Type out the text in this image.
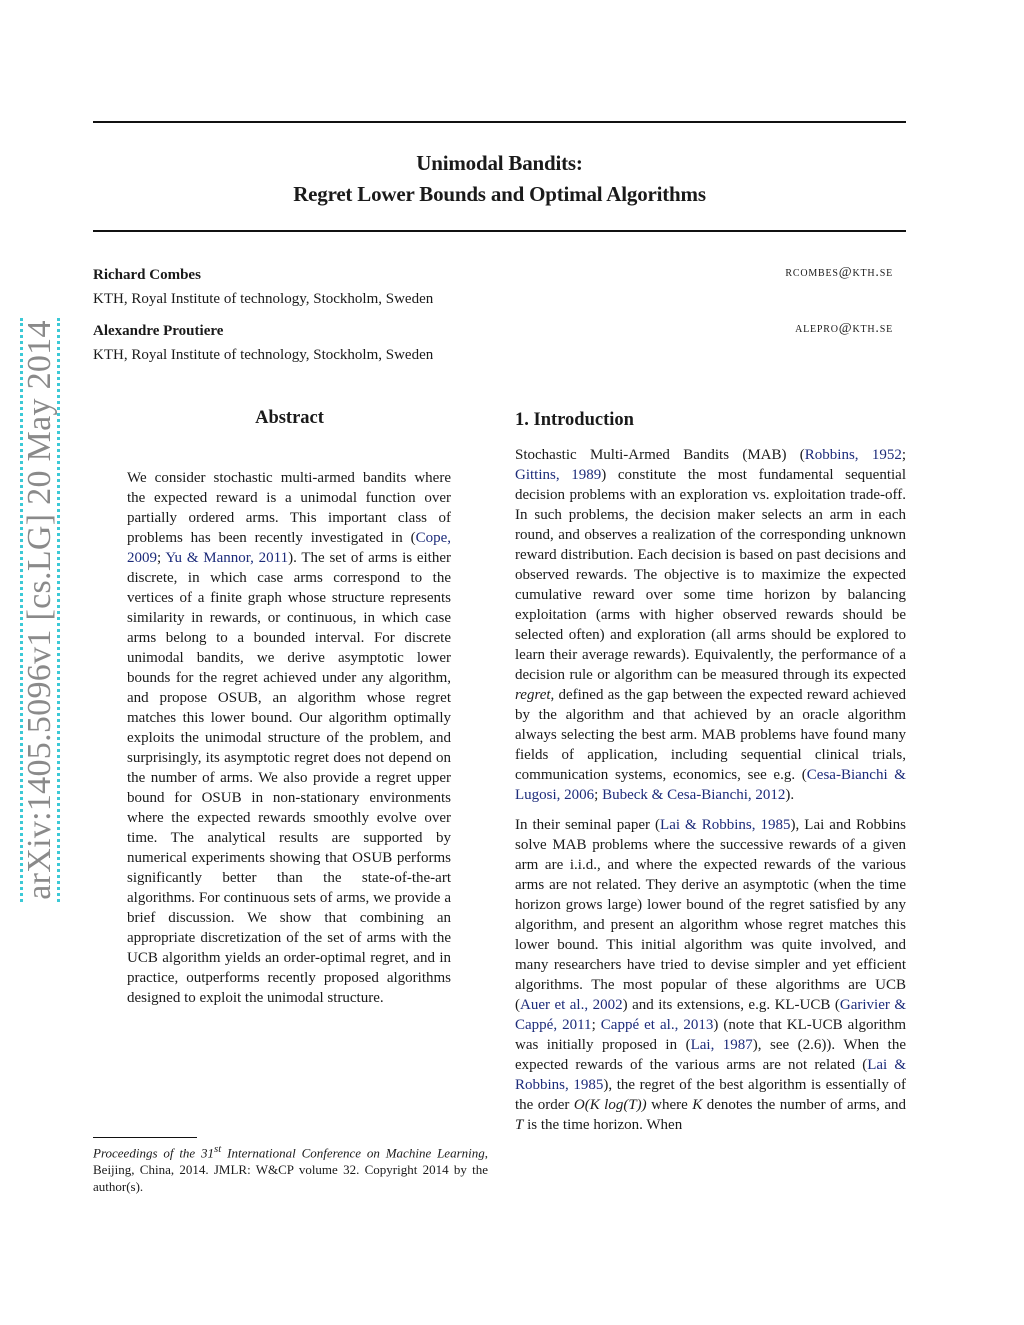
arXiv:1405.5096v1 [cs.LG] 20 May 2014
Unimodal Bandits:
Regret Lower Bounds and Optimal Algorithms
Richard Combes
KTH, Royal Institute of technology, Stockholm, Sweden
rcombes@kth.se
Alexandre Proutiere
KTH, Royal Institute of technology, Stockholm, Sweden
alepro@kth.se
Abstract

We consider stochastic multi-armed bandits where the expected reward is a unimodal function over partially ordered arms. This important class of problems has been recently investigated in (Cope, 2009; Yu & Mannor, 2011). The set of arms is either discrete, in which case arms correspond to the vertices of a finite graph whose structure represents similarity in rewards, or continuous, in which case arms belong to a bounded interval. For discrete unimodal bandits, we derive asymptotic lower bounds for the regret achieved under any algorithm, and propose OSUB, an algorithm whose regret matches this lower bound. Our algorithm optimally exploits the unimodal structure of the problem, and surprisingly, its asymptotic regret does not depend on the number of arms. We also provide a regret upper bound for OSUB in non-stationary environments where the expected rewards smoothly evolve over time. The analytical results are supported by numerical experiments showing that OSUB performs significantly better than the state-of-the-art algorithms. For continuous sets of arms, we provide a brief discussion. We show that combining an appropriate discretization of the set of arms with the UCB algorithm yields an order-optimal regret, and in practice, outperforms recently proposed algorithms designed to exploit the unimodal structure.

Proceedings of the 31st International Conference on Machine Learning, Beijing, China, 2014. JMLR: W&CP volume 32. Copyright 2014 by the author(s).
1. Introduction

Stochastic Multi-Armed Bandits (MAB) (Robbins, 1952; Gittins, 1989) constitute the most fundamental sequential decision problems with an exploration vs. exploitation trade-off. In such problems, the decision maker selects an arm in each round, and observes a realization of the corresponding unknown reward distribution. Each decision is based on past decisions and observed rewards. The objective is to maximize the expected cumulative reward over some time horizon by balancing exploitation (arms with higher observed rewards should be selected often) and exploration (all arms should be explored to learn their average rewards). Equivalently, the performance of a decision rule or algorithm can be measured through its expected regret, defined as the gap between the expected reward achieved by the algorithm and that achieved by an oracle algorithm always selecting the best arm. MAB problems have found many fields of application, including sequential clinical trials, communication systems, economics, see e.g. (Cesa-Bianchi & Lugosi, 2006; Bubeck & Cesa-Bianchi, 2012).

In their seminal paper (Lai & Robbins, 1985), Lai and Robbins solve MAB problems where the successive rewards of a given arm are i.i.d., and where the expected rewards of the various arms are not related. They derive an asymptotic (when the time horizon grows large) lower bound of the regret satisfied by any algorithm, and present an algorithm whose regret matches this lower bound. This initial algorithm was quite involved, and many researchers have tried to devise simpler and yet efficient algorithms. The most popular of these algorithms are UCB (Auer et al., 2002) and its extensions, e.g. KL-UCB (Garivier & Cappé, 2011; Cappé et al., 2013) (note that KL-UCB algorithm was initially proposed in (Lai, 1987), see (2.6)). When the expected rewards of the various arms are not related (Lai & Robbins, 1985), the regret of the best algorithm is essentially of the order O(K log(T)) where K denotes the number of arms, and T is the time horizon. When
